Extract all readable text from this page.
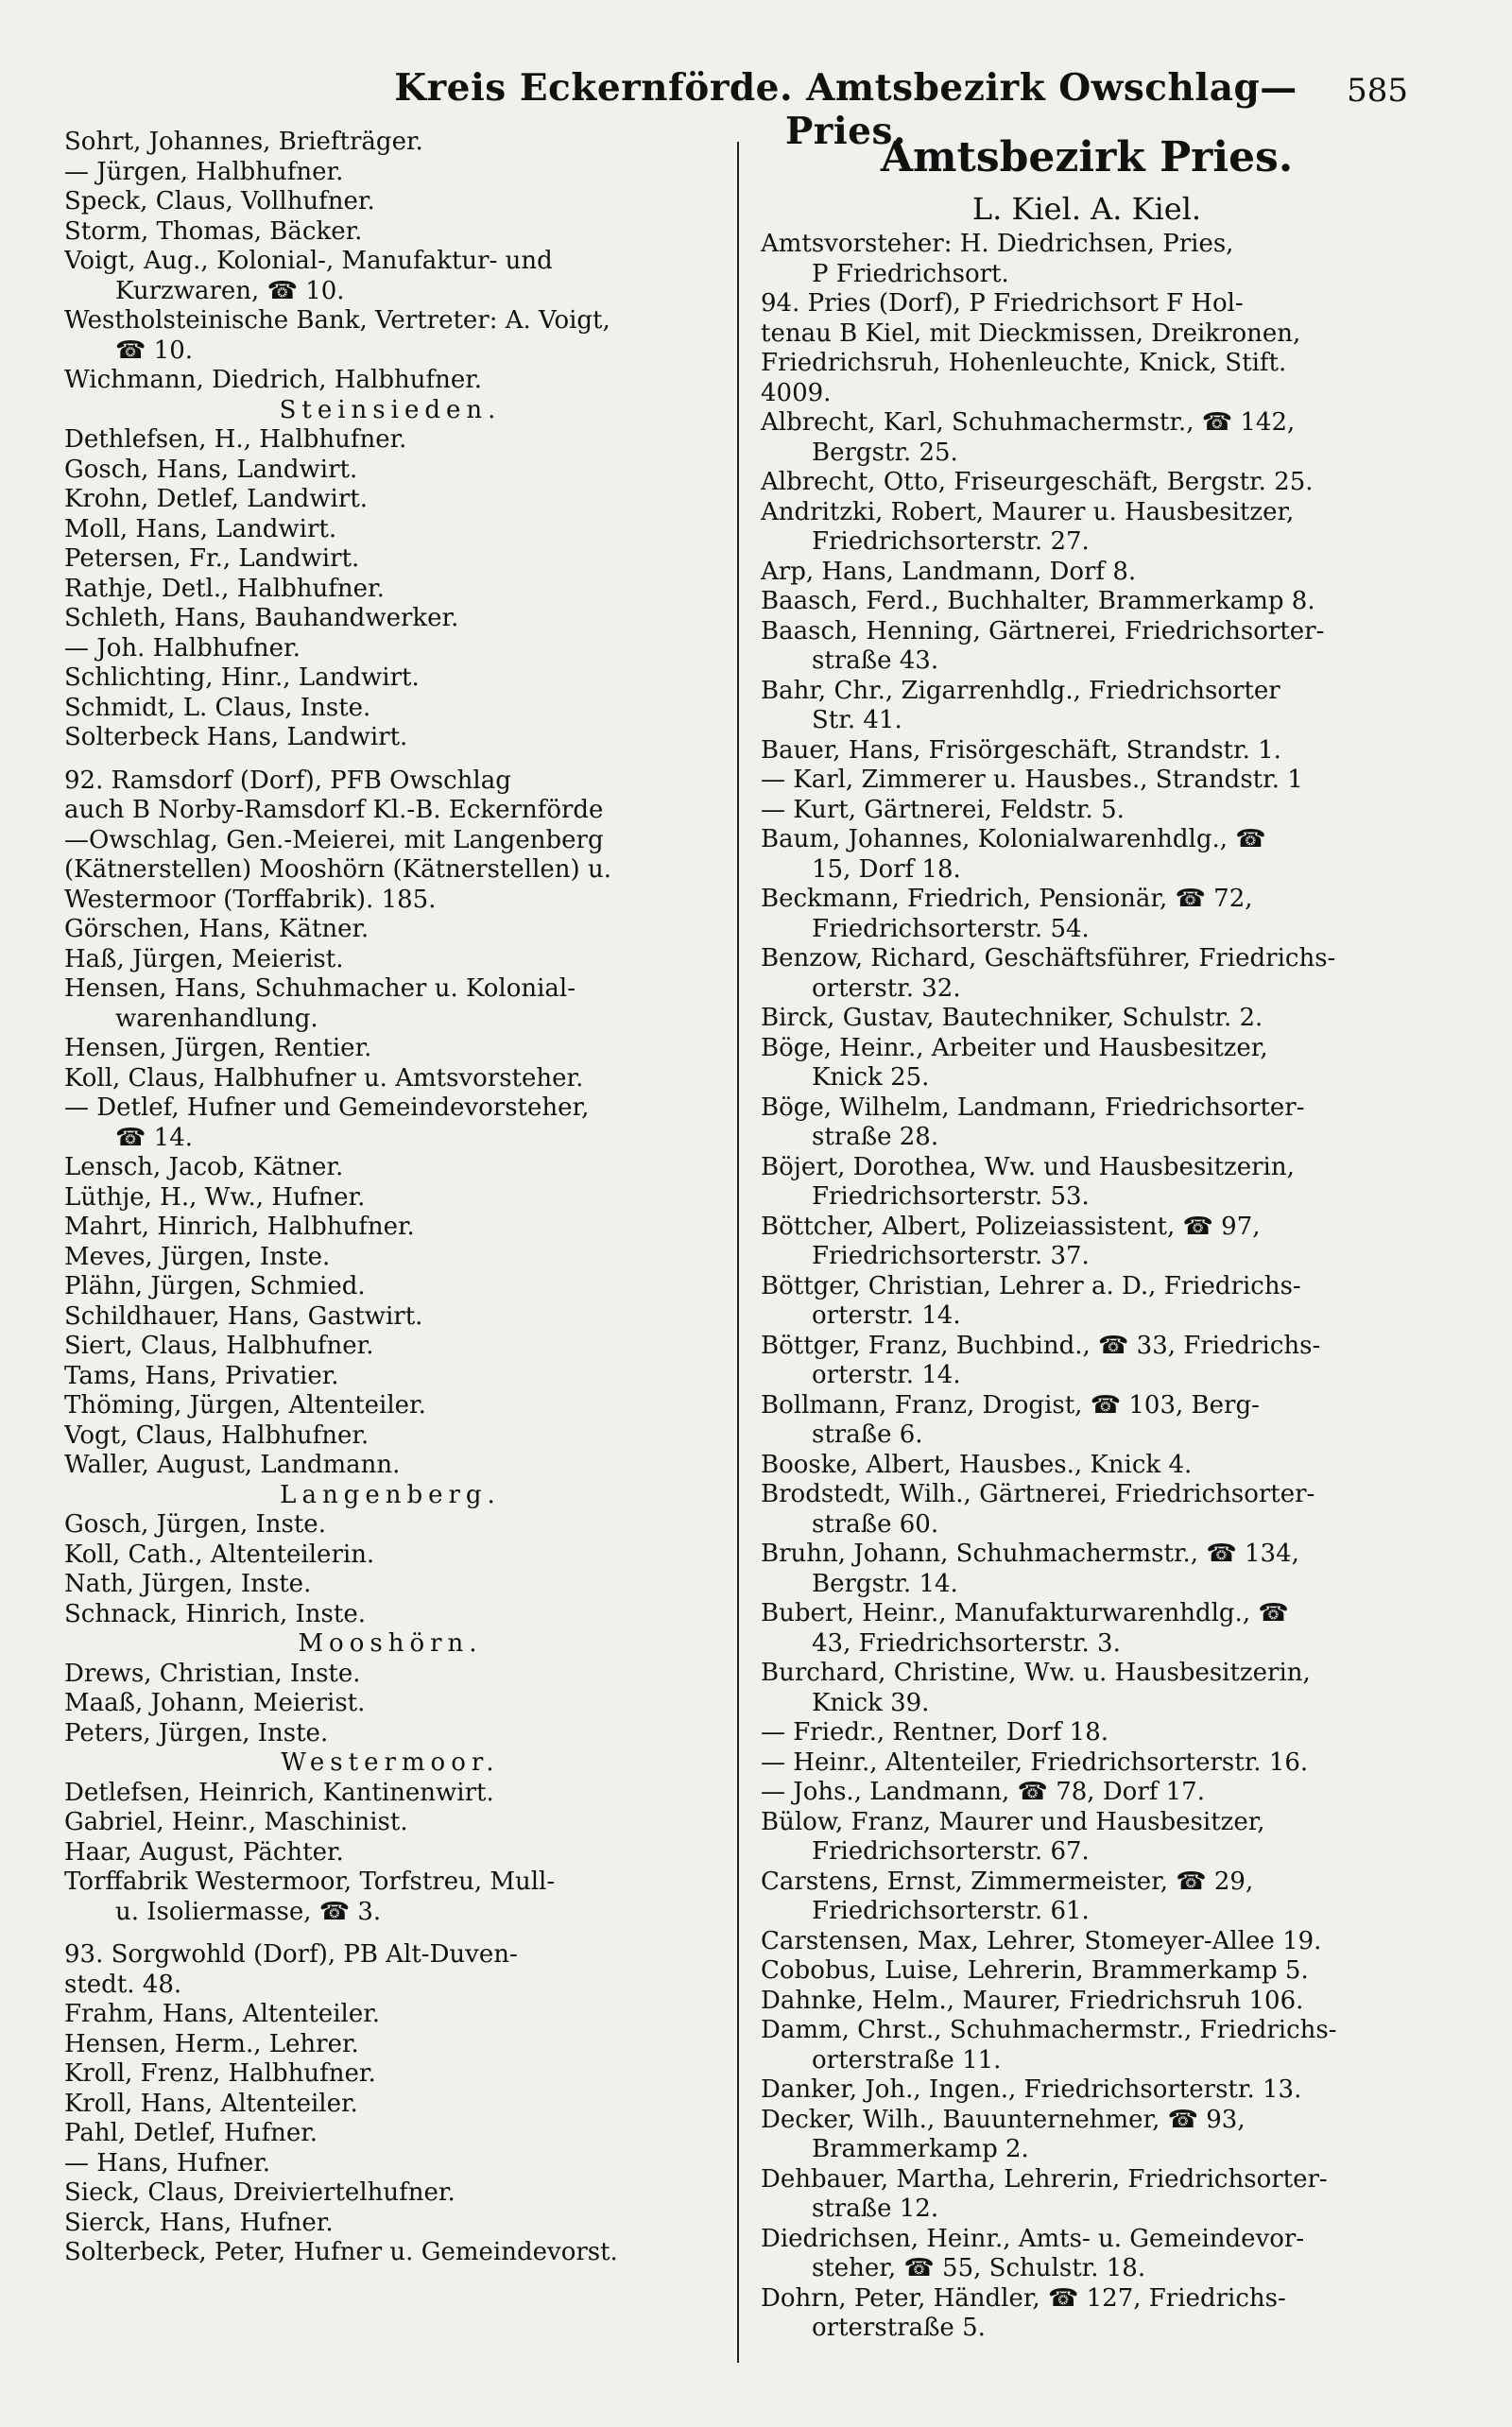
Kreis Eckernförde. Amtsbezirk Owschlag—Pries.
585
Sohrt, Johannes, Briefträger.
— Jürgen, Halbhufner.
Speck, Claus, Vollhufner.
Storm, Thomas, Bäcker.
Voigt, Aug., Kolonial-, Manufaktur- und
Kurzwaren, ☎ 10.
Westholsteinische Bank, Vertreter: A. Voigt,
☎ 10.
Wichmann, Diedrich, Halbhufner.
Steinsieden.
Dethlefsen, H., Halbhufner.
Gosch, Hans, Landwirt.
Krohn, Detlef, Landwirt.
Moll, Hans, Landwirt.
Petersen, Fr., Landwirt.
Rathje, Detl., Halbhufner.
Schleth, Hans, Bauhandwerker.
— Joh. Halbhufner.
Schlichting, Hinr., Landwirt.
Schmidt, L. Claus, Inste.
Solterbeck Hans, Landwirt.
92. Ramsdorf (Dorf), PFB Owschlag
auch B Norby-Ramsdorf Kl.-B. Eckernförde
—Owschlag, Gen.-Meierei, mit Langenberg
(Kätnerstellen) Mooshörn (Kätnerstellen) u.
Westermoor (Torffabrik). 185.
Görschen, Hans, Kätner.
Haß, Jürgen, Meierist.
Hensen, Hans, Schuhmacher u. Kolonial-
warenhandlung.
Hensen, Jürgen, Rentier.
Koll, Claus, Halbhufner u. Amtsvorsteher.
— Detlef, Hufner und Gemeindevorsteher,
☎ 14.
Lensch, Jacob, Kätner.
Lüthje, H., Ww., Hufner.
Mahrt, Hinrich, Halbhufner.
Meves, Jürgen, Inste.
Plähn, Jürgen, Schmied.
Schildhauer, Hans, Gastwirt.
Siert, Claus, Halbhufner.
Tams, Hans, Privatier.
Thöming, Jürgen, Altenteiler.
Vogt, Claus, Halbhufner.
Waller, August, Landmann.
Langenberg.
Gosch, Jürgen, Inste.
Koll, Cath., Altenteilerin.
Nath, Jürgen, Inste.
Schnack, Hinrich, Inste.
Mooshörn.
Drews, Christian, Inste.
Maaß, Johann, Meierist.
Peters, Jürgen, Inste.
Westermoor.
Detlefsen, Heinrich, Kantinenwirt.
Gabriel, Heinr., Maschinist.
Haar, August, Pächter.
Torffabrik Westermoor, Torfstreu, Mull-
u. Isoliermasse, ☎ 3.
93. Sorgwohld (Dorf), PB Alt-Duven-
stedt. 48.
Frahm, Hans, Altenteiler.
Hensen, Herm., Lehrer.
Kroll, Frenz, Halbhufner.
Kroll, Hans, Altenteiler.
Pahl, Detlef, Hufner.
— Hans, Hufner.
Sieck, Claus, Dreiviertelhufner.
Sierck, Hans, Hufner.
Solterbeck, Peter, Hufner u. Gemeindevorst.
Amtsbezirk Pries.
L. Kiel. A. Kiel.
Amtsvorsteher: H. Diedrichsen, Pries,
P Friedrichsort.
94. Pries (Dorf), P Friedrichsort F Hol-
tenau B Kiel, mit Dieckmissen, Dreikronen,
Friedrichsruh, Hohenleuchte, Knick, Stift.
4009.
Albrecht, Karl, Schuhmachermstr., ☎ 142,
Bergstr. 25.
Albrecht, Otto, Friseurgeschäft, Bergstr. 25.
Andritzki, Robert, Maurer u. Hausbesitzer,
Friedrichsorterstr. 27.
Arp, Hans, Landmann, Dorf 8.
Baasch, Ferd., Buchhalter, Brammerkamp 8.
Baasch, Henning, Gärtnerei, Friedrichsorter-
straße 43.
Bahr, Chr., Zigarrenhdlg., Friedrichsorter
Str. 41.
Bauer, Hans, Frisörgeschäft, Strandstr. 1.
— Karl, Zimmerer u. Hausbes., Strandstr. 1
— Kurt, Gärtnerei, Feldstr. 5.
Baum, Johannes, Kolonialwarenhdlg., ☎
15, Dorf 18.
Beckmann, Friedrich, Pensionär, ☎ 72,
Friedrichsorterstr. 54.
Benzow, Richard, Geschäftsführer, Friedrichs-
orterstr. 32.
Birck, Gustav, Bautechniker, Schulstr. 2.
Böge, Heinr., Arbeiter und Hausbesitzer,
Knick 25.
Böge, Wilhelm, Landmann, Friedrichsorter-
straße 28.
Böjert, Dorothea, Ww. und Hausbesitzerin,
Friedrichsorterstr. 53.
Böttcher, Albert, Polizeiassistent, ☎ 97,
Friedrichsorterstr. 37.
Böttger, Christian, Lehrer a. D., Friedrichs-
orterstr. 14.
Böttger, Franz, Buchbind., ☎ 33, Friedrichs-
orterstr. 14.
Bollmann, Franz, Drogist, ☎ 103, Berg-
straße 6.
Booske, Albert, Hausbes., Knick 4.
Brodstedt, Wilh., Gärtnerei, Friedrichsorter-
straße 60.
Bruhn, Johann, Schuhmachermstr., ☎ 134,
Bergstr. 14.
Bubert, Heinr., Manufakturwarenhdlg., ☎
43, Friedrichsorterstr. 3.
Burchard, Christine, Ww. u. Hausbesitzerin,
Knick 39.
— Friedr., Rentner, Dorf 18.
— Heinr., Altenteiler, Friedrichsorterstr. 16.
— Johs., Landmann, ☎ 78, Dorf 17.
Bülow, Franz, Maurer und Hausbesitzer,
Friedrichsorterstr. 67.
Carstens, Ernst, Zimmermeister, ☎ 29,
Friedrichsorterstr. 61.
Carstensen, Max, Lehrer, Stomeyer-Allee 19.
Cobobus, Luise, Lehrerin, Brammerkamp 5.
Dahnke, Helm., Maurer, Friedrichsruh 106.
Damm, Chrst., Schuhmachermstr., Friedrichs-
orterstraße 11.
Danker, Joh., Ingen., Friedrichsorterstr. 13.
Decker, Wilh., Bauunternehmer, ☎ 93,
Brammerkamp 2.
Dehbauer, Martha, Lehrerin, Friedrichsorter-
straße 12.
Diedrichsen, Heinr., Amts- u. Gemeindevor-
steher, ☎ 55, Schulstr. 18.
Dohrn, Peter, Händler, ☎ 127, Friedrichs-
orterstraße 5.
